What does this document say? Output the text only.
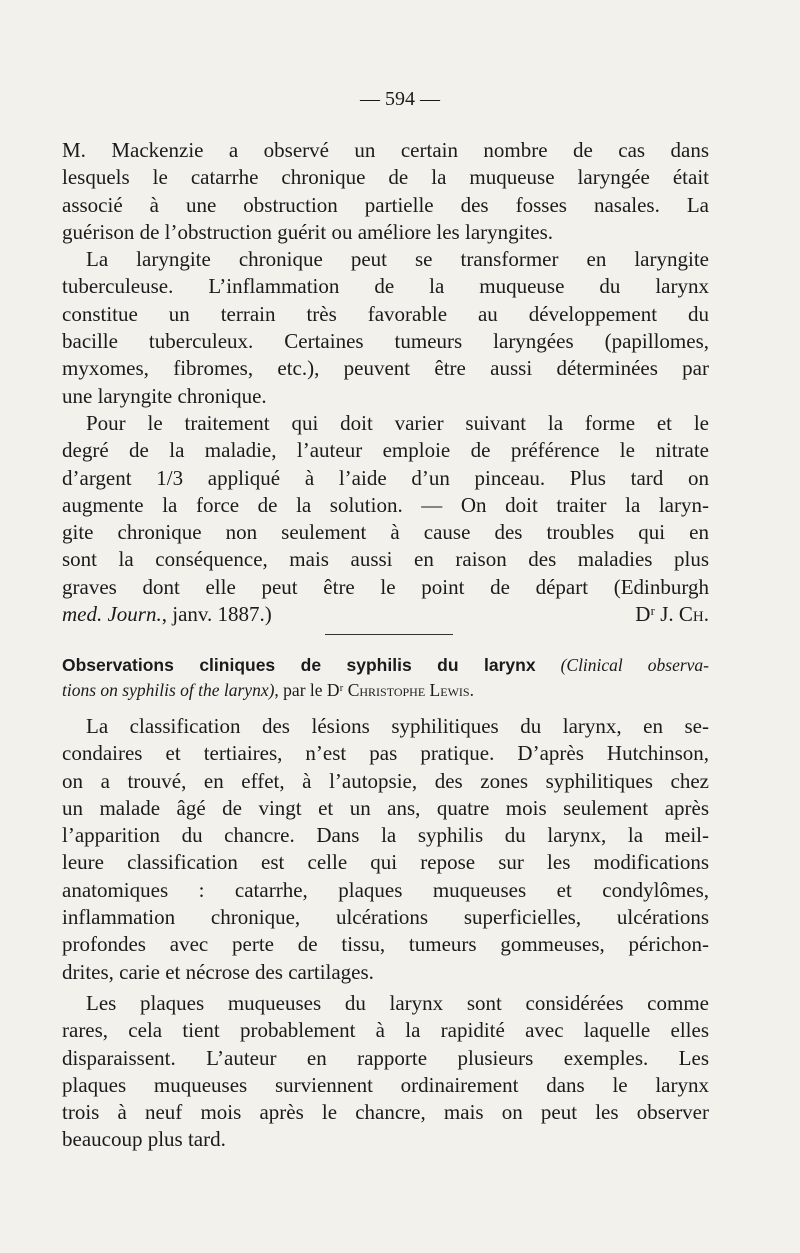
— 594 —
M. Mackenzie a observé un certain nombre de cas dans
lesquels le catarrhe chronique de la muqueuse laryngée était
associé à une obstruction partielle des fosses nasales. La
guérison de l’obstruction guérit ou améliore les laryngites.
La laryngite chronique peut se transformer en laryngite
tuberculeuse. L’inflammation de la muqueuse du larynx
constitue un terrain très favorable au développement du
bacille tuberculeux. Certaines tumeurs laryngées (papillomes,
myxomes, fibromes, etc.), peuvent être aussi déterminées par
une laryngite chronique.
Pour le traitement qui doit varier suivant la forme et le
degré de la maladie, l’auteur emploie de préférence le nitrate
d’argent 1/3 appliqué à l’aide d’un pinceau. Plus tard on
augmente la force de la solution. — On doit traiter la laryn-
gite chronique non seulement à cause des troubles qui en
sont la conséquence, mais aussi en raison des maladies plus
graves dont elle peut être le point de départ (Edinburgh
med. Journ., janv. 1887.)	Dʳ J. Ch.
Observations cliniques de syphilis du larynx (Clinical observa-
tions on syphilis of the larynx), par le Dʳ Christophe Lewis.
La classification des lésions syphilitiques du larynx, en se-
condaires et tertiaires, n’est pas pratique. D’après Hutchinson,
on a trouvé, en effet, à l’autopsie, des zones syphilitiques chez
un malade âgé de vingt et un ans, quatre mois seulement après
l’apparition du chancre. Dans la syphilis du larynx, la meil-
leure classification est celle qui repose sur les modifications
anatomiques : catarrhe, plaques muqueuses et condylômes,
inflammation chronique, ulcérations superficielles, ulcérations
profondes avec perte de tissu, tumeurs gommeuses, périchon-
drites, carie et nécrose des cartilages.
Les plaques muqueuses du larynx sont considérées comme
rares, cela tient probablement à la rapidité avec laquelle elles
disparaissent. L’auteur en rapporte plusieurs exemples. Les
plaques muqueuses surviennent ordinairement dans le larynx
trois à neuf mois après le chancre, mais on peut les observer
beaucoup plus tard.
